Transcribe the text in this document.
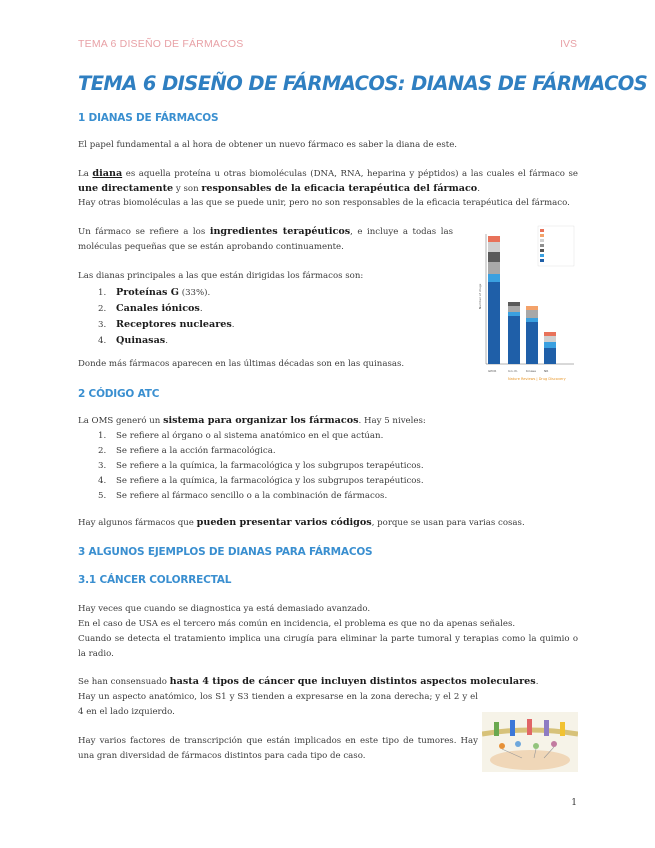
TEMA 6 DISEÑO DE FÁRMACOS	IVS
TEMA 6 DISEÑO DE FÁRMACOS: DIANAS DE FÁRMACOS
1 DIANAS DE FÁRMACOS
El papel fundamental a al hora de obtener un nuevo fármaco es saber la diana de este.
La diana es aquella proteína u otras biomoléculas (DNA, RNA, heparina y péptidos) a las cuales el fármaco se une directamente y son responsables de la eficacia terapéutica del fármaco.
Hay otras biomoléculas a las que se puede unir, pero no son responsables de la eficacia terapéutica del fármaco.
Un fármaco se refiere a los ingredientes terapéuticos, e incluye a todas las moléculas pequeñas que se están aprobando continuamente.
Las dianas principales a las que están dirigidas los fármacos son:
1. Proteínas G (33%).
2. Canales iónicos.
3. Receptores nucleares.
4. Quinasas.
Donde más fármacos aparecen en las últimas décadas son en las quinasas.
Number of drugs
GPCR	Ion ch.	Kinase	NR
Nature Reviews | Drug Discovery
2 CÓDIGO ATC
La OMS generó un sistema para organizar los fármacos. Hay 5 niveles:
1. Se refiere al órgano o al sistema anatómico en el que actúan.
2. Se refiere a la acción farmacológica.
3. Se refiere a la química, la farmacológica y los subgrupos terapéuticos.
4. Se refiere a la química, la farmacológica y los subgrupos terapéuticos.
5. Se refiere al fármaco sencillo o a la combinación de fármacos.
Hay algunos fármacos que pueden presentar varios códigos, porque se usan para varias cosas.
3 ALGUNOS EJEMPLOS DE DIANAS PARA FÁRMACOS
3.1 CÁNCER COLORRECTAL
Hay veces que cuando se diagnostica ya está demasiado avanzado.
En el caso de USA es el tercero más común en incidencia, el problema es que no da apenas señales.
Cuando se detecta el tratamiento implica una cirugía para eliminar la parte tumoral y terapias como la quimio o la radio.
Se han consensuado hasta 4 tipos de cáncer que incluyen distintos aspectos moleculares.
Hay un aspecto anatómico, los S1 y S3 tienden a expresarse en la zona derecha; y el 2 y el 4 en el lado izquierdo.
Hay varios factores de transcripción que están implicados en este tipo de tumores. Hay una gran diversidad de fármacos distintos para cada tipo de caso.
1
